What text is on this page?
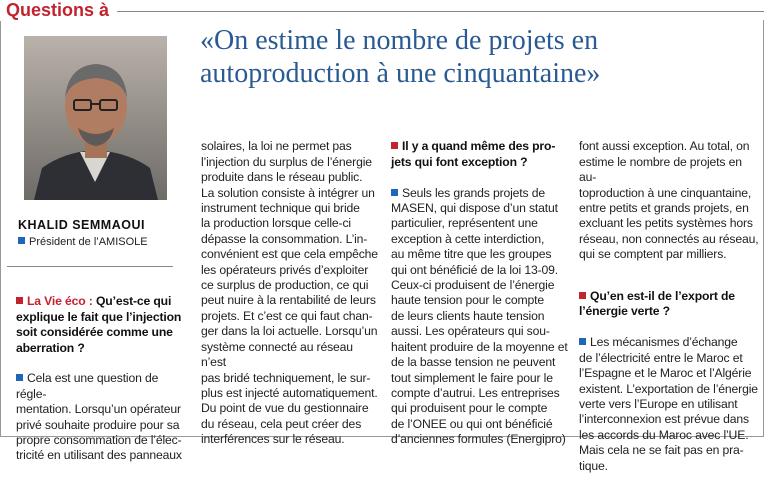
Questions à
KHALID SEMMAOUI
Président de l’AMISOLE
«On estime le nombre de projets en
autoproduction à une cinquantaine»

La Vie éco : Qu’est-ce qui
explique le fait que l’injection
soit considérée comme une
aberration ?

Cela est une question de régle-
mentation. Lorsqu’un opérateur
privé souhaite produire pour sa
propre consommation de l’élec-
tricité en utilisant des panneaux

solaires, la loi ne permet pas
l’injection du surplus de l’énergie
produite dans le réseau public.
La solution consiste à intégrer un
instrument technique qui bride
la production lorsque celle-ci
dépasse la consommation. L’in-
convénient est que cela empêche
les opérateurs privés d’exploiter
ce surplus de production, ce qui
peut nuire à la rentabilité de leurs
projets. Et c’est ce qui faut chan-
ger dans la loi actuelle. Lorsqu’un
système connecté au réseau n’est
pas bridé techniquement, le sur-
plus est injecté automatiquement.
Du point de vue du gestionnaire
du réseau, cela peut créer des
interférences sur le réseau.

Il y a quand même des pro-
jets qui font exception ?

Seuls les grands projets de
MASEN, qui dispose d’un statut
particulier, représentent une
exception à cette interdiction,
au même titre que les groupes
qui ont bénéficié de la loi 13-09.
Ceux-ci produisent de l’énergie
haute tension pour le compte
de leurs clients haute tension
aussi. Les opérateurs qui sou-
haitent produire de la moyenne et
de la basse tension ne peuvent
tout simplement le faire pour le
compte d’autrui. Les entreprises
qui produisent pour le compte
de l’ONEE ou qui ont bénéficié
d’anciennes formules (Energipro)

font aussi exception. Au total, on
estime le nombre de projets en au-
toproduction à une cinquantaine,
entre petits et grands projets, en
excluant les petits systèmes hors
réseau, non connectés au réseau,
qui se comptent par milliers.

Qu’en est-il de l’export de
l’énergie verte ?

Les mécanismes d’échange
de l’électricité entre le Maroc et
l’Espagne et le Maroc et l’Algérie
existent. L’exportation de l’énergie
verte vers l’Europe en utilisant
l’interconnexion est prévue dans
les accords du Maroc avec l’UE.
Mais cela ne se fait pas en pra-
tique.
